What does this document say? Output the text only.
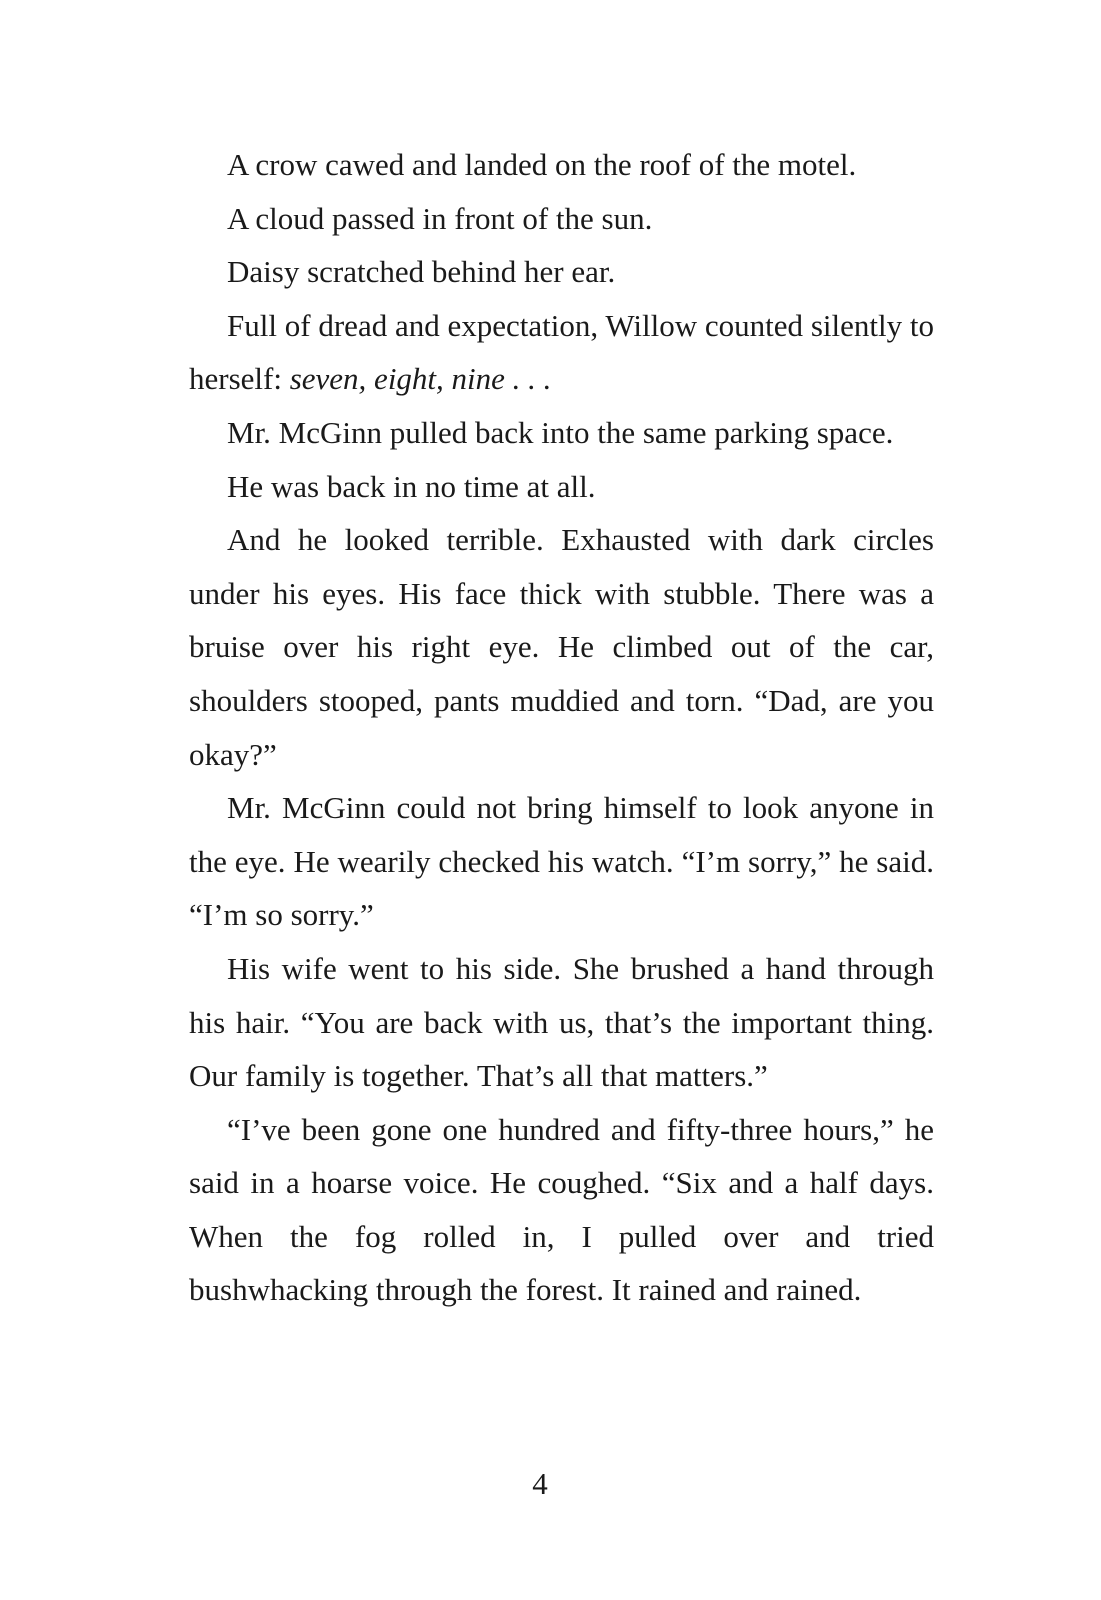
A crow cawed and landed on the roof of the motel.

A cloud passed in front of the sun.

Daisy scratched behind her ear.

Full of dread and expectation, Willow counted silently to herself: seven, eight, nine . . .

Mr. McGinn pulled back into the same parking space.

He was back in no time at all.

And he looked terrible. Exhausted with dark circles under his eyes. His face thick with stubble. There was a bruise over his right eye. He climbed out of the car, shoulders stooped, pants muddied and torn. “Dad, are you okay?”

Mr. McGinn could not bring himself to look anyone in the eye. He wearily checked his watch. “I’m sorry,” he said. “I’m so sorry.”

His wife went to his side. She brushed a hand through his hair. “You are back with us, that’s the important thing. Our family is together. That’s all that matters.”

“I’ve been gone one hundred and fifty-three hours,” he said in a hoarse voice. He coughed. “Six and a half days. When the fog rolled in, I pulled over and tried bushwhacking through the forest. It rained and rained.

4
